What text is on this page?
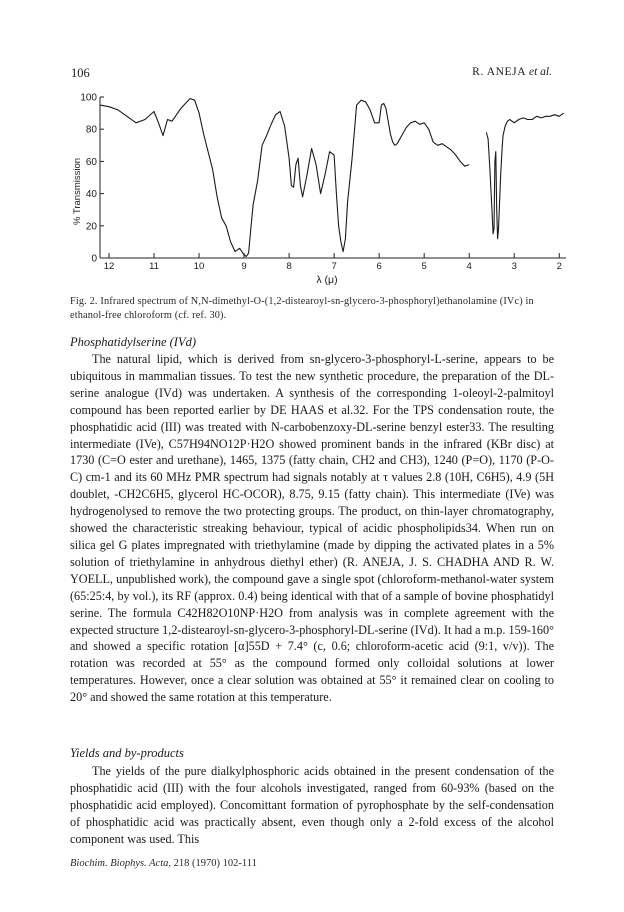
106	R. ANEJA et al.
0
20
40
60
80
100
12	11	10	9	8	7	6	5	4	3	2
λ (μ)
% Transmission
Fig. 2. Infrared spectrum of N,N-dimethyl-O-(1,2-distearoyl-sn-glycero-3-phosphoryl)ethanolamine (IVc) in ethanol-free chloroform (cf. ref. 30).
Phosphatidylserine (IVd)

The natural lipid, which is derived from sn-glycero-3-phosphoryl-L-serine, appears to be ubiquitous in mammalian tissues. To test the new synthetic procedure, the preparation of the DL-serine analogue (IVd) was undertaken. A synthesis of the corresponding 1-oleoyl-2-palmitoyl compound has been reported earlier by DE HAAS et al.32. For the TPS condensation route, the phosphatidic acid (III) was treated with N-carbobenzoxy-DL-serine benzyl ester33. The resulting intermediate (IVe), C57H94NO12P·H2O showed prominent bands in the infrared (KBr disc) at 1730 (C=O ester and urethane), 1465, 1375 (fatty chain, CH2 and CH3), 1240 (P=O), 1170 (P-O-C) cm-1 and its 60 MHz PMR spectrum had signals notably at τ values 2.8 (10H, C6H5), 4.9 (5H doublet, -CH2C6H5, glycerol HC-OCOR), 8.75, 9.15 (fatty chain). This intermediate (IVe) was hydrogenolysed to remove the two protecting groups. The product, on thin-layer chromatography, showed the characteristic streaking behaviour, typical of acidic phospholipids34. When run on silica gel G plates impregnated with triethylamine (made by dipping the activated plates in a 5% solution of triethylamine in anhydrous diethyl ether) (R. ANEJA, J. S. CHADHA AND R. W. YOELL, unpublished work), the compound gave a single spot (chloroform-methanol-water system (65:25:4, by vol.), its RF (approx. 0.4) being identical with that of a sample of bovine phosphatidyl serine. The formula C42H82O10NP·H2O from analysis was in complete agreement with the expected structure 1,2-distearoyl-sn-glycero-3-phosphoryl-DL-serine (IVd). It had a m.p. 159-160° and showed a specific rotation [α]55D + 7.4° (c, 0.6; chloroform-acetic acid (9:1, v/v)). The rotation was recorded at 55° as the compound formed only colloidal solutions at lower temperatures. However, once a clear solution was obtained at 55° it remained clear on cooling to 20° and showed the same rotation at this temperature.

Yields and by-products

The yields of the pure dialkylphosphoric acids obtained in the present condensation of the phosphatidic acid (III) with the four alcohols investigated, ranged from 60-93% (based on the phosphatidic acid employed). Concomittant formation of pyrophosphate by the self-condensation of phosphatidic acid was practically absent, even though only a 2-fold excess of the alcohol component was used. This

Biochim. Biophys. Acta, 218 (1970) 102-111
